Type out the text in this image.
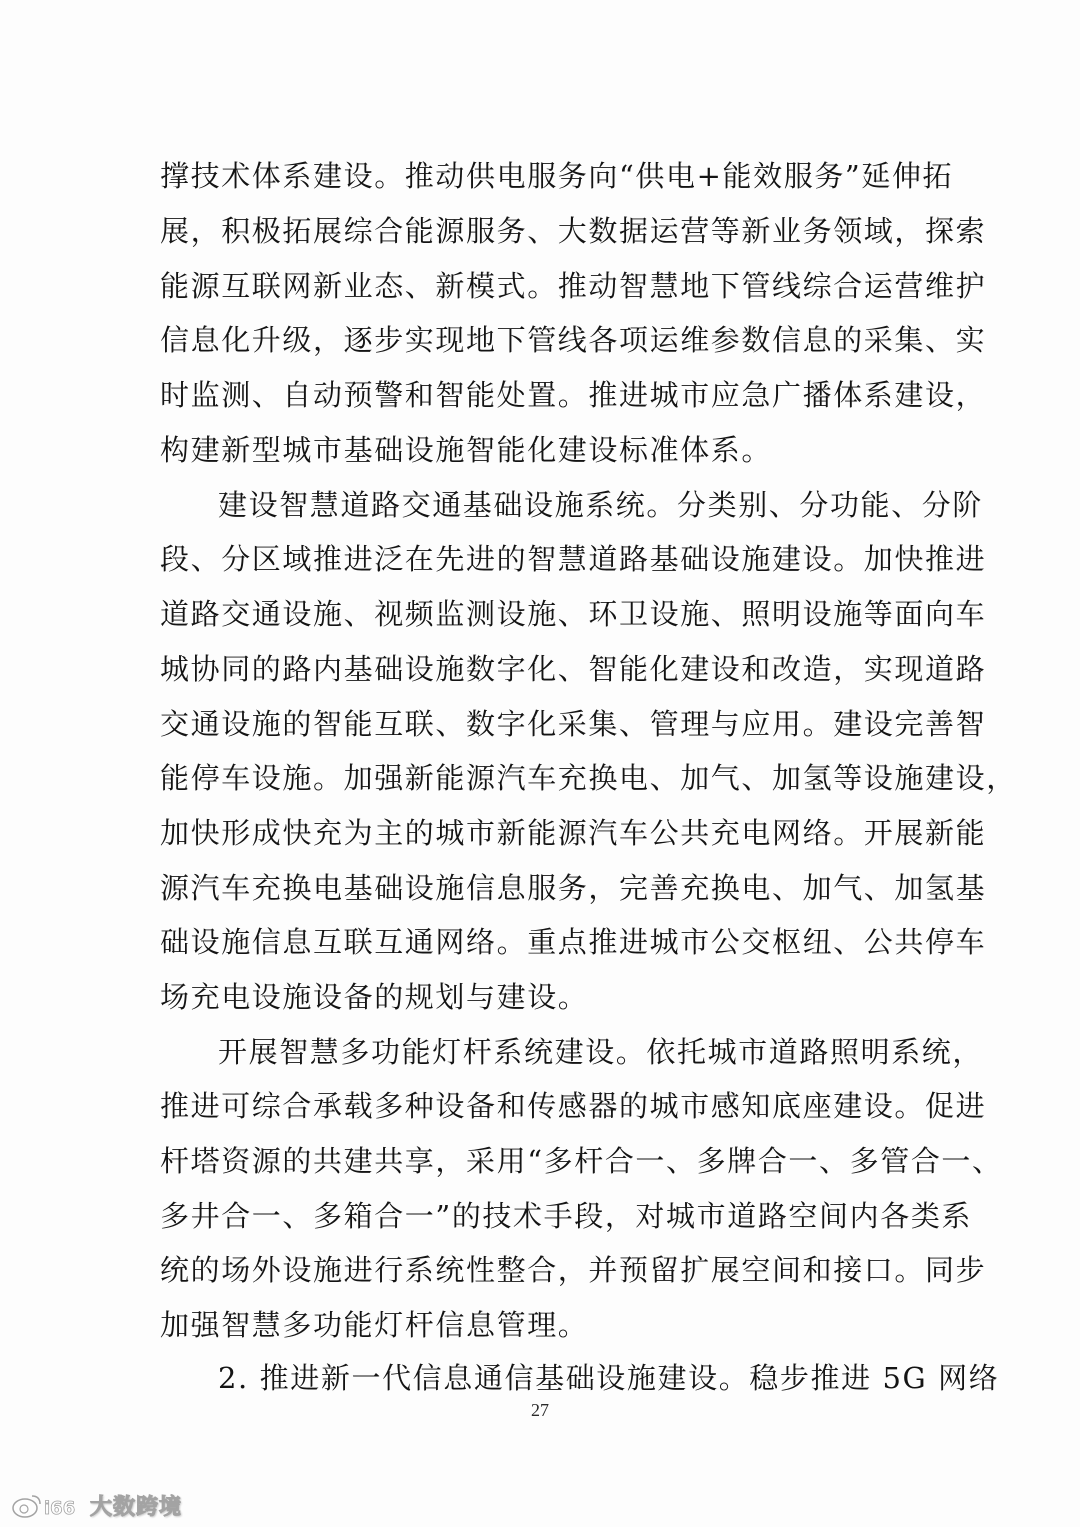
撑技术体系建设。推动供电服务向“供电+能效服务”延伸拓
展，积极拓展综合能源服务、大数据运营等新业务领域，探索
能源互联网新业态、新模式。推动智慧地下管线综合运营维护
信息化升级，逐步实现地下管线各项运维参数信息的采集、实
时监测、自动预警和智能处置。推进城市应急广播体系建设，
构建新型城市基础设施智能化建设标准体系。
建设智慧道路交通基础设施系统。分类别、分功能、分阶
段、分区域推进泛在先进的智慧道路基础设施建设。加快推进
道路交通设施、视频监测设施、环卫设施、照明设施等面向车
城协同的路内基础设施数字化、智能化建设和改造，实现道路
交通设施的智能互联、数字化采集、管理与应用。建设完善智
能停车设施。加强新能源汽车充换电、加气、加氢等设施建设，
加快形成快充为主的城市新能源汽车公共充电网络。开展新能
源汽车充换电基础设施信息服务，完善充换电、加气、加氢基
础设施信息互联互通网络。重点推进城市公交枢纽、公共停车
场充电设施设备的规划与建设。
开展智慧多功能灯杆系统建设。依托城市道路照明系统，
推进可综合承载多种设备和传感器的城市感知底座建设。促进
杆塔资源的共建共享，采用“多杆合一、多牌合一、多管合一、
多井合一、多箱合一”的技术手段，对城市道路空间内各类系
统的场外设施进行系统性整合，并预留扩展空间和接口。同步
加强智慧多功能灯杆信息管理。
2. 推进新一代信息通信基础设施建设。稳步推进 5G 网络
27
i66 大数跨境
